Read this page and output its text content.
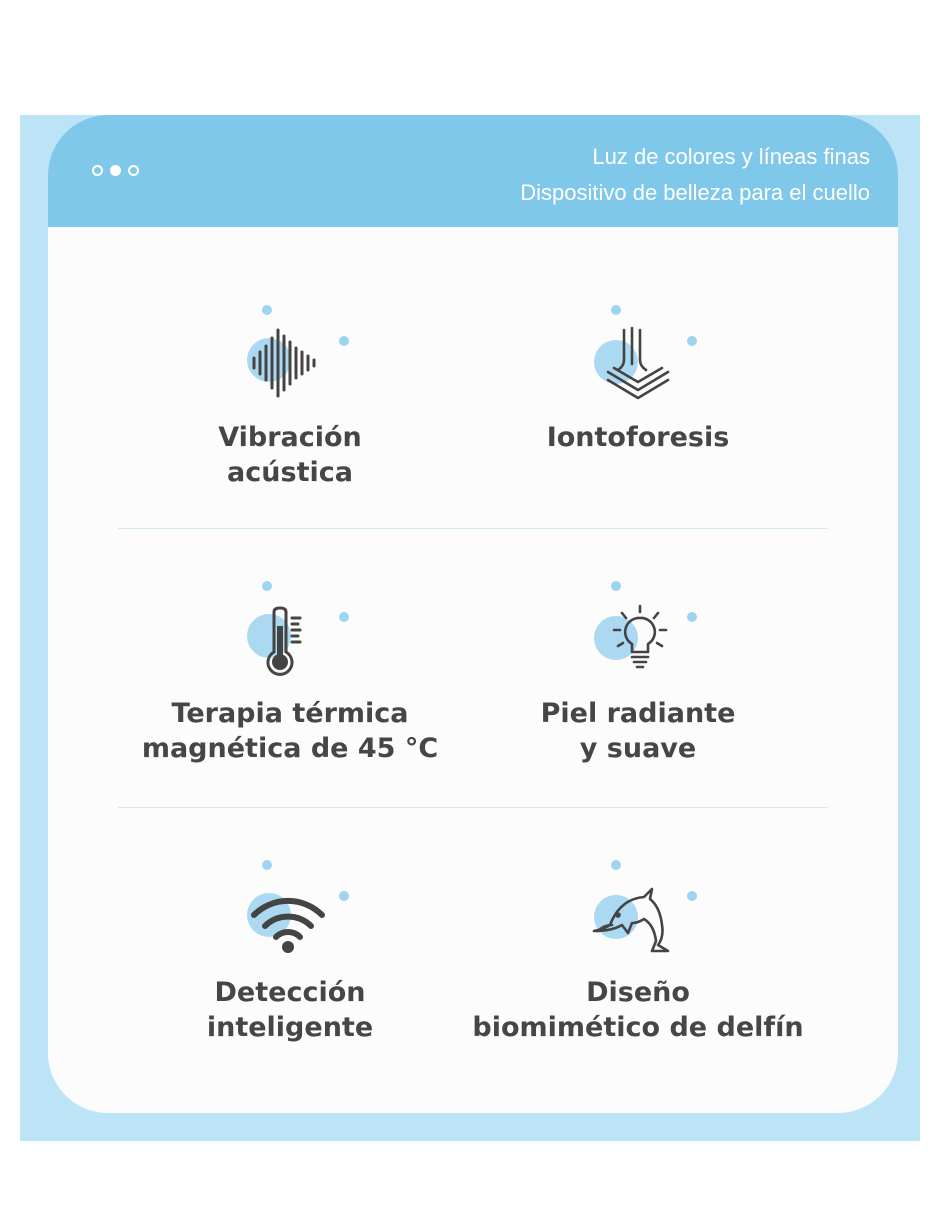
Luz de colores y líneas finas
Dispositivo de belleza para el cuello
Vibración
acústica
Iontoforesis
Terapia térmica
magnética de 45 °C
Piel radiante
y suave
Detección
inteligente
Diseño
biomimético de delfín
